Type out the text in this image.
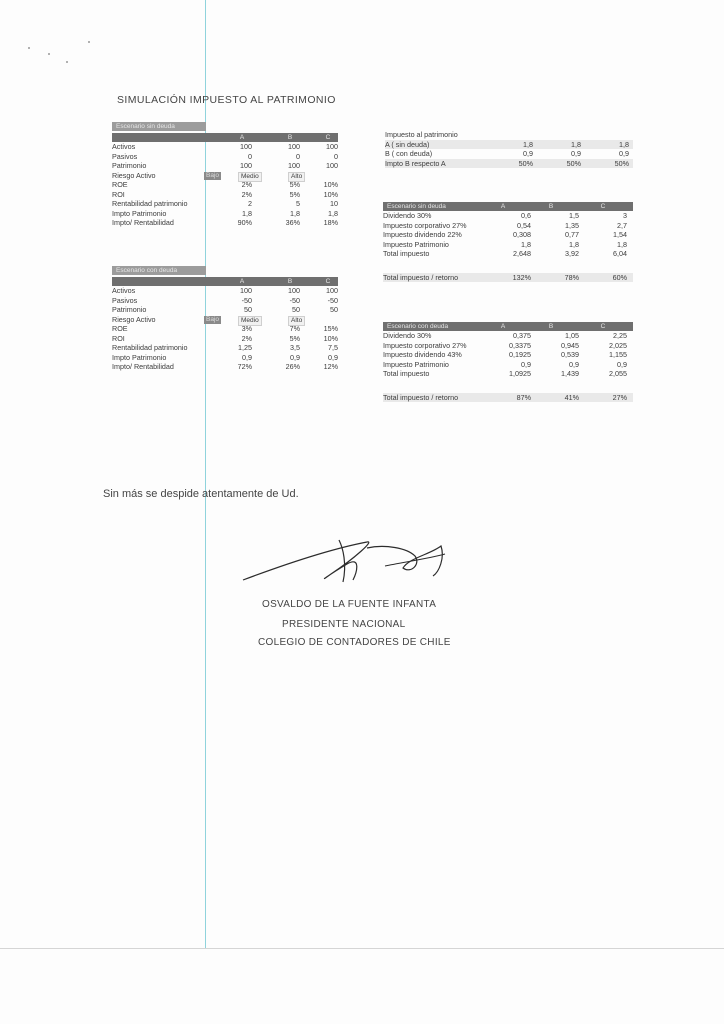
SIMULACIÓN IMPUESTO AL PATRIMONIO
Escenario sin deuda
A	B	C
Activos	100	100	100
Pasivos	0	0	0
Patrimonio	100	100	100
Riesgo Activo	Bajo	Medio	Alto
ROE	2%	5%	10%
ROI	2%	5%	10%
Rentabilidad patrimonio	2	5	10
Impto Patrimonio	1,8	1,8	1,8
Impto/ Rentabilidad	90%	36%	18%
Escenario con deuda
A	B	C
Activos	100	100	100
Pasivos	-50	-50	-50
Patrimonio	50	50	50
Riesgo Activo	Bajo	Medio	Alto
ROE	3%	7%	15%
ROI	2%	5%	10%
Rentabilidad patrimonio	1,25	3,5	7,5
Impto Patrimonio	0,9	0,9	0,9
Impto/ Rentabilidad	72%	26%	12%
Impuesto al patrimonio
A ( sin deuda)	1,8	1,8	1,8
B ( con deuda)	0,9	0,9	0,9
Impto B respecto A	50%	50%	50%
Escenario sin deuda	A	B	C
Dividendo 30%	0,6	1,5	3
Impuesto corporativo 27%	0,54	1,35	2,7
Impuesto dividendo 22%	0,308	0,77	1,54
Impuesto Patrimonio	1,8	1,8	1,8
Total impuesto	2,648	3,92	6,04
Total impuesto / retorno	132%	78%	60%
Escenario con deuda	A	B	C
Dividendo 30%	0,375	1,05	2,25
Impuesto corporativo 27%	0,3375	0,945	2,025
Impuesto dividendo 43%	0,1925	0,539	1,155
Impuesto Patrimonio	0,9	0,9	0,9
Total impuesto	1,0925	1,439	2,055
Total impuesto / retorno	87%	41%	27%
Sin más se despide atentamente de Ud.
OSVALDO DE LA FUENTE INFANTA
PRESIDENTE NACIONAL
COLEGIO DE CONTADORES DE CHILE
